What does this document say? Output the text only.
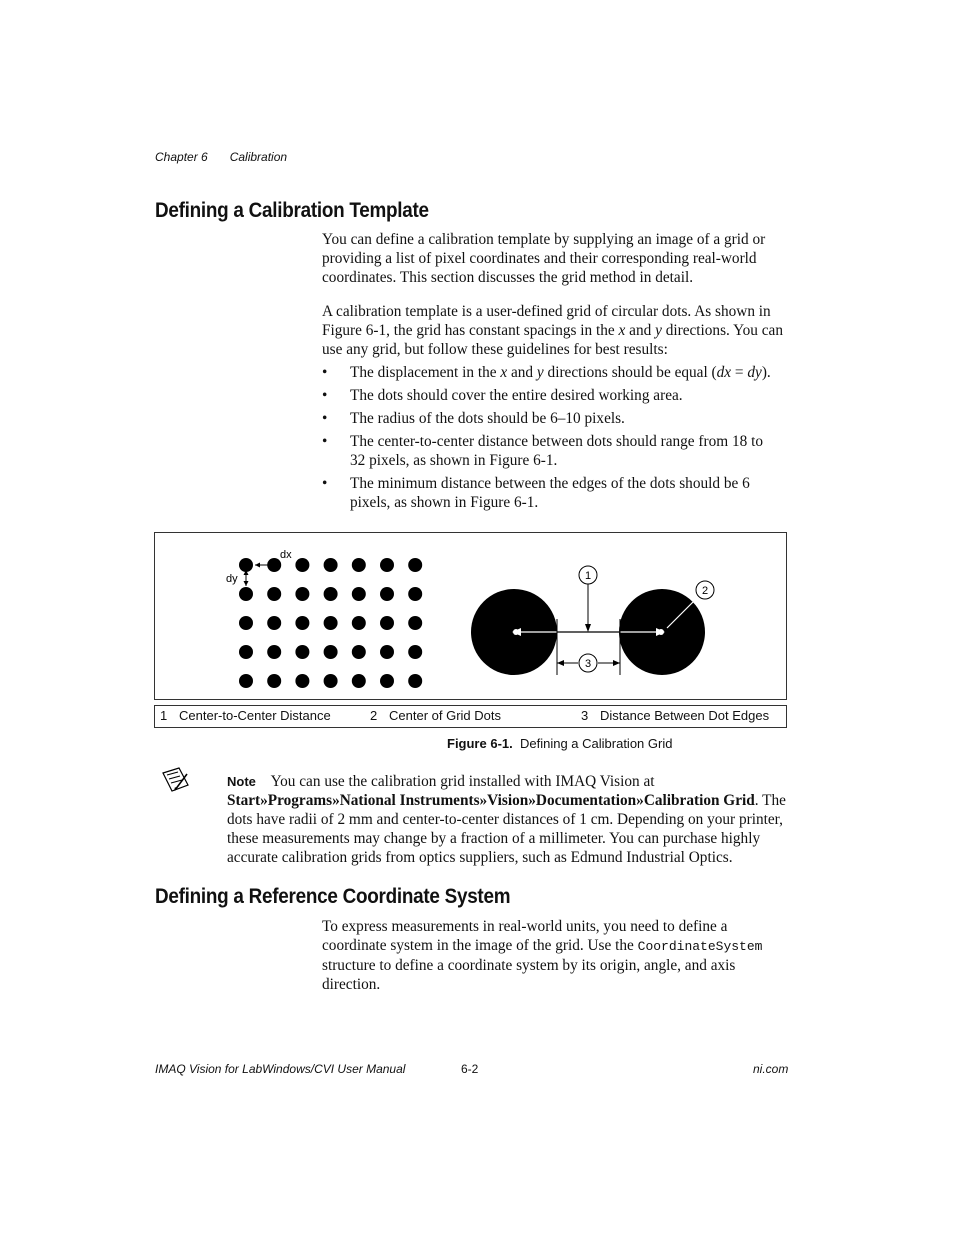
Chapter 6 Calibration
Defining a Calibration Template
You can define a calibration template by supplying an image of a grid or providing a list of pixel coordinates and their corresponding real-world coordinates. This section discusses the grid method in detail.
A calibration template is a user-defined grid of circular dots. As shown in Figure 6-1, the grid has constant spacings in the x and y directions. You can use any grid, but follow these guidelines for best results:
• The displacement in the x and y directions should be equal (dx = dy).
• The dots should cover the entire desired working area.
• The radius of the dots should be 6–10 pixels.
• The center-to-center distance between dots should range from 18 to 32 pixels, as shown in Figure 6-1.
• The minimum distance between the edges of the dots should be 6 pixels, as shown in Figure 6-1.
dx
dy	1
2
3
1 Center-to-Center Distance	2 Center of Grid Dots	3 Distance Between Dot Edges
Figure 6-1. Defining a Calibration Grid
Note You can use the calibration grid installed with IMAQ Vision at Start»Programs»National Instruments»Vision»Documentation»Calibration Grid. The dots have radii of 2 mm and center-to-center distances of 1 cm. Depending on your printer, these measurements may change by a fraction of a millimeter. You can purchase highly accurate calibration grids from optics suppliers, such as Edmund Industrial Optics.
Defining a Reference Coordinate System
To express measurements in real-world units, you need to define a coordinate system in the image of the grid. Use the CoordinateSystem structure to define a coordinate system by its origin, angle, and axis direction.
IMAQ Vision for LabWindows/CVI User Manual	6-2	ni.com
